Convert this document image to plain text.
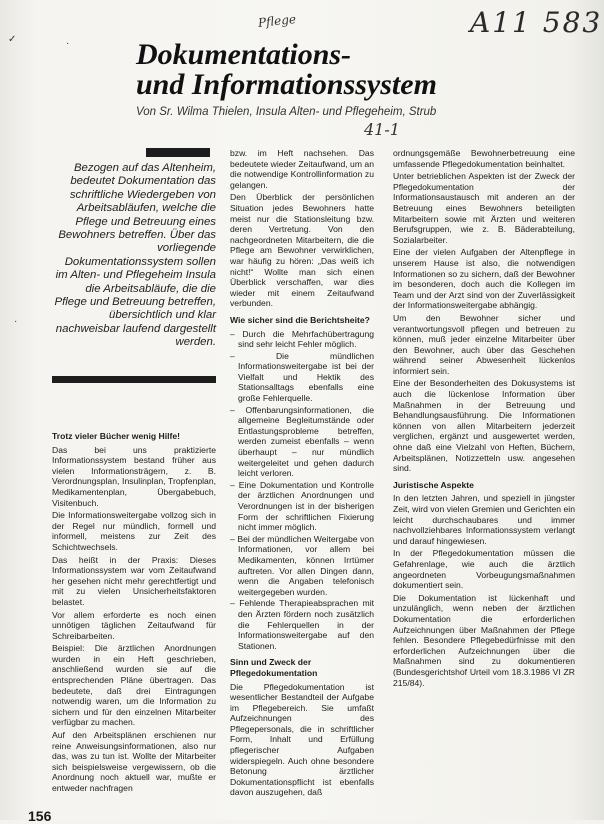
Pflege	A11 583
41-1
✓	·
·
Dokumentations-
und Informationssystem
Von Sr. Wilma Thielen, Insula Alten- und Pflegeheim, Strub
Bezogen auf das Altenheim, bedeutet Dokumentation das schriftliche Wiedergeben von Arbeitsabläufen, welche die Pflege und Betreuung eines Bewohners betreffen. Über das vorliegende Dokumentationssystem sollen im Alten- und Pflegeheim Insula die Arbeitsabläufe, die die Pflege und Betreuung betreffen, übersichtlich und klar nachweisbar laufend dargestellt werden.
Trotz vieler Bücher wenig Hilfe!

Das bei uns praktizierte Informationssystem bestand früher aus vielen Informationsträgern, z. B. Verordnungsplan, Insulinplan, Tropfenplan, Medikamentenplan, Übergabebuch, Visitenbuch.

Die Informationsweitergabe vollzog sich in der Regel nur mündlich, formell und informell, meistens zur Zeit des Schichtwechsels.

Das heißt in der Praxis: Dieses Informationssystem war vom Zeitaufwand her gesehen nicht mehr gerechtfertigt und mit zu vielen Unsicherheitsfaktoren belastet.

Vor allem erforderte es noch einen unnötigen täglichen Zeitaufwand für Schreibarbeiten.

Beispiel: Die ärztlichen Anordnungen wurden in ein Heft geschrieben, anschließend wurden sie auf die entsprechenden Pläne übertragen. Das bedeutete, daß drei Eintragungen notwendig waren, um die Information zu sichern und für den einzelnen Mitarbeiter verfügbar zu machen.

Auf den Arbeitsplänen erschienen nur reine Anweisungsinformationen, also nur das, was zu tun ist. Wollte der Mitarbeiter sich beispielsweise vergewissern, ob die Anordnung noch aktuell war, mußte er entweder nachfragen

bzw. im Heft nachsehen. Das bedeutete wieder Zeitaufwand, um an die notwendige Kontrollinformation zu gelangen.

Den Überblick der persönlichen Situation jedes Bewohners hatte meist nur die Stationsleitung bzw. deren Vertretung. Von den nachgeordneten Mitarbeitern, die die Pflege am Bewohner verwirklichen, war häufig zu hören: „Das weiß ich nicht!“ Wollte man sich einen Überblick verschaffen, war dies wieder mit einem Zeitaufwand verbunden.

Wie sicher sind die Berichtsheite?
– Durch die Mehrfachübertragung sind sehr leicht Fehler möglich.
– Die mündlichen Informationsweitergabe ist bei der Vielfalt und Hektik des Stationsalltags ebenfalls eine große Fehlerquelle.
– Offenbarungsinformationen, die allgemeine Begleitumstände oder Entlastungsprobleme betreffen, werden zumeist ebenfalls – wenn überhaupt – nur mündlich weitergeleitet und gehen dadurch leicht verloren.
– Eine Dokumentation und Kontrolle der ärztlichen Anordnungen und Verordnungen ist in der bisherigen Form der schriftlichen Fixierung nicht immer möglich.
– Bei der mündlichen Weitergabe von Informationen, vor allem bei Medikamenten, können Irrtümer auftreten. Vor allen Dingen dann, wenn die Angaben telefonisch weitergegeben wurden.
– Fehlende Therapieabsprachen mit den Ärzten fördern noch zusätzlich die Fehlerquellen in der Informationsweitergabe auf den Stationen.
Sinn und Zweck der Pflegedokumentation

Die Pflegedokumentation ist wesentlicher Bestandteil der Aufgabe im Pflegebereich. Sie umfaßt Aufzeichnungen des Pflegepersonals, die in schriftlicher Form, Inhalt und Erfüllung pflegerischer Aufgaben widerspiegeln. Auch ohne besondere Betonung ärztlicher Dokumentationspflicht ist ebenfalls davon auszugehen, daß

ordnungsgemäße Bewohnerbetreuung eine umfassende Pflegedokumentation beinhaltet.

Unter betrieblichen Aspekten ist der Zweck der Pflegedokumentation der Informationsaustausch mit anderen an der Betreuung eines Bewohners beteiligten Mitarbeitern sowie mit Ärzten und weiteren Berufsgruppen, wie z. B. Bäderabteilung, Sozialarbeiter.

Eine der vielen Aufgaben der Altenpflege in unserem Hause ist also, die notwendigen Informationen so zu sichern, daß der Bewohner im besonderen, doch auch die Kollegen im Team und der Arzt sind von der Zuverlässigkeit der Informationsweitergabe abhängig.

Um den Bewohner sicher und verantwortungsvoll pflegen und betreuen zu können, muß jeder einzelne Mitarbeiter über den Bewohner, auch über das Geschehen während seiner Abwesenheit lückenlos informiert sein.

Eine der Besonderheiten des Dokusystems ist auch die lückenlose Information über Maßnahmen in der Betreuung und Behandlungsausführung. Die Informationen können von allen Mitarbeitern jederzeit verglichen, ergänzt und ausgewertet werden, ohne daß eine Vielzahl von Heften, Büchern, Arbeitsplänen, Notizzetteln usw. angesehen sind.

Juristische Aspekte

In den letzten Jahren, und speziell in jüngster Zeit, wird von vielen Gremien und Gerichten ein leicht durchschaubares und immer nachvollziehbares Informationssystem verlangt und darauf hingewiesen.

In der Pflegedokumentation müssen die Gefahrenlage, wie auch die ärztlich angeordneten Vorbeugungsmaßnahmen dokumentiert sein.

Die Dokumentation ist lückenhaft und unzulänglich, wenn neben der ärztlichen Dokumentation die erforderlichen Aufzeichnungen über Maßnahmen der Pflege fehlen. Besondere Pflegebedürfnisse mit den erforderlichen Aufzeichnungen über die Maßnahmen sind zu dokumentieren (Bundesgerichtshof Urteil vom 18.3.1986 VI ZR 215/84).

156
